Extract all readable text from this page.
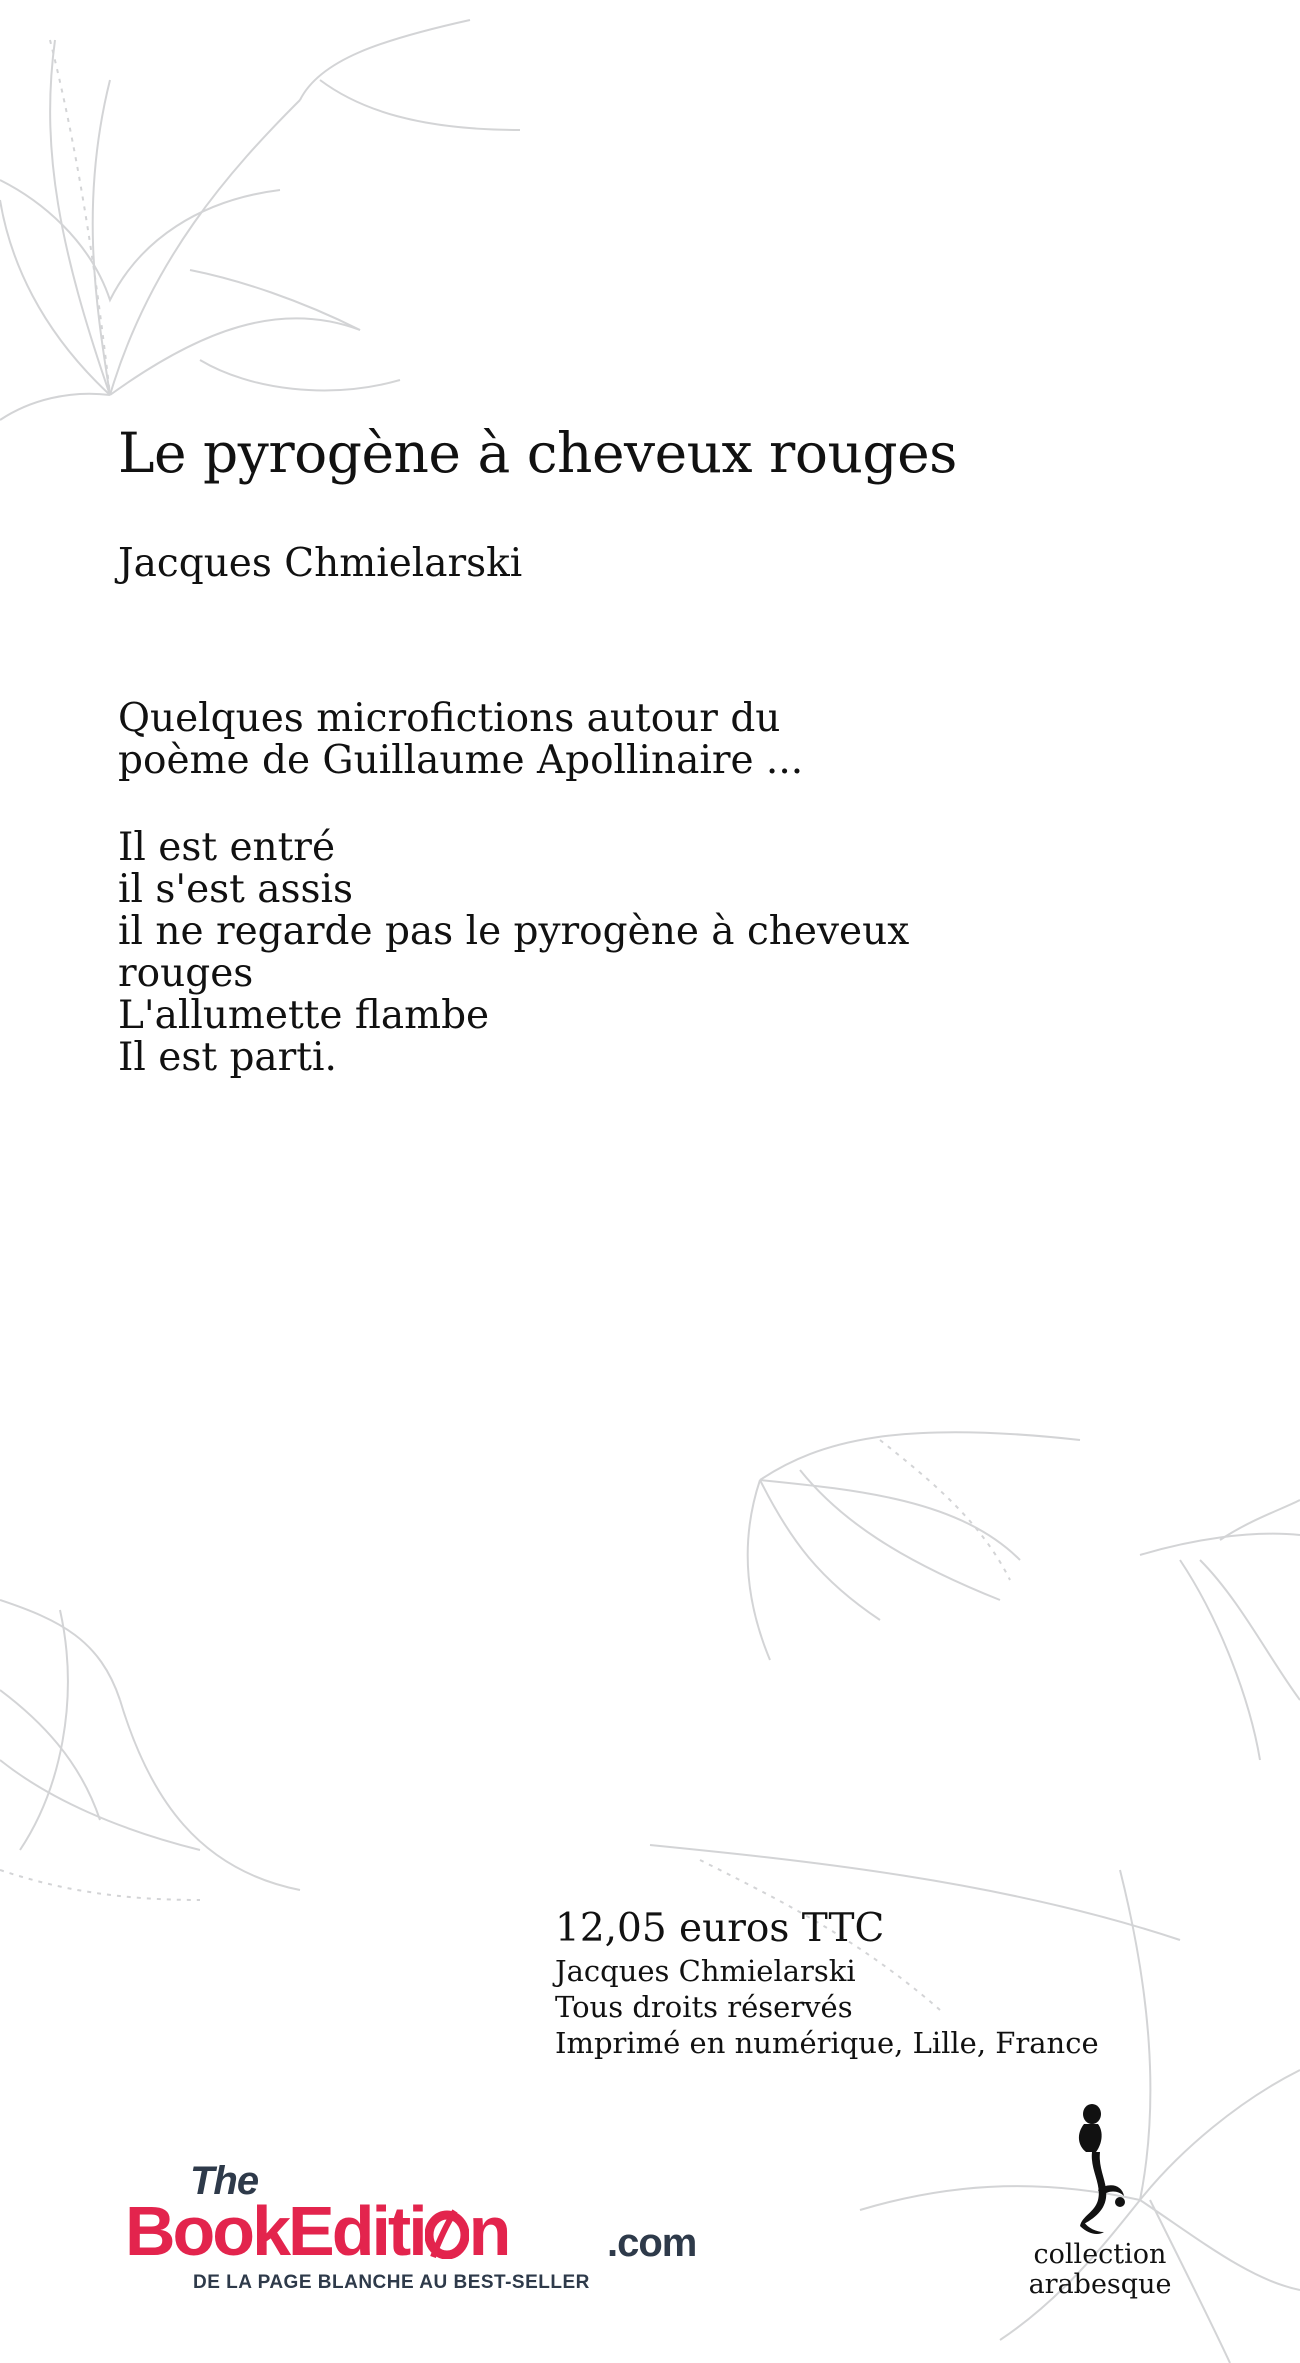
Le pyrogène à cheveux rouges
Jacques Chmielarski
Quelques microfictions autour du
poème de Guillaume Apollinaire ...
Il est entré
il s'est assis
il ne regarde pas le pyrogène à cheveux
rouges
L'allumette flambe
Il est parti.
12,05 euros TTC
Jacques Chmielarski
Tous droits réservés
Imprimé en numérique, Lille, France
The
BookEditi n .com
DE LA PAGE BLANCHE AU BEST-SELLER
collection
arabesque
